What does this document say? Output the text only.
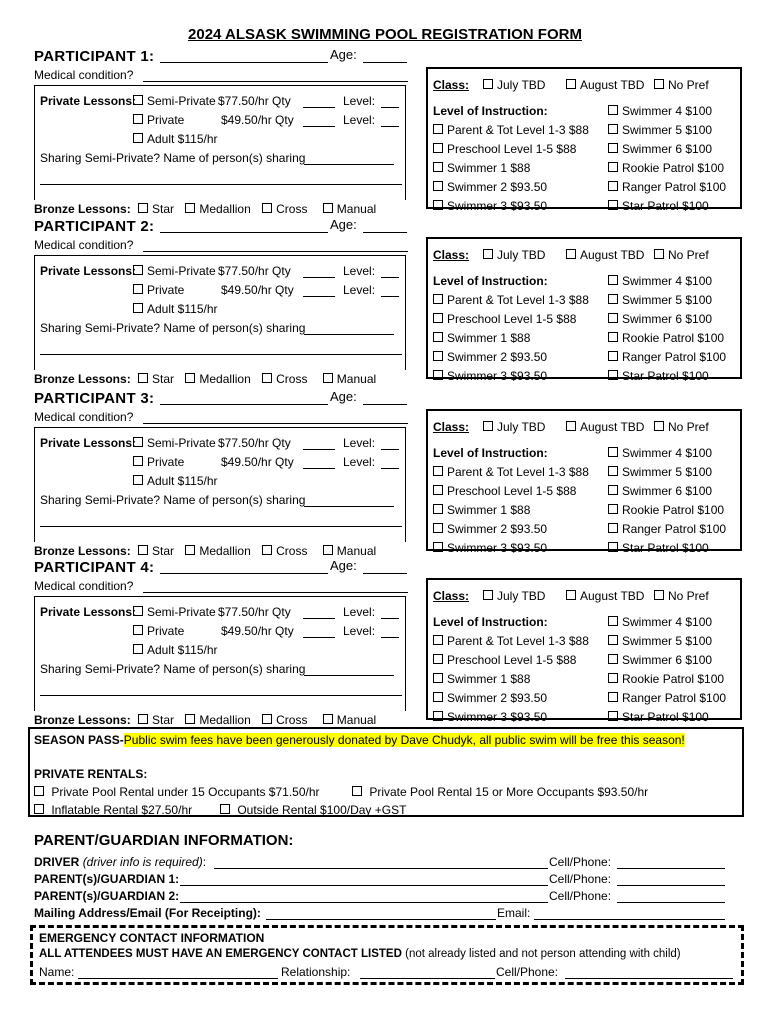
2024 ALSASK SWIMMING POOL REGISTRATION FORM
PARTICIPANT 1:	Age:
Medical condition?
Private Lessons: Semi-Private $77.50/hr Qty	Level:
Private	$49.50/hr Qty	Level:
Adult $115/hr
Sharing Semi-Private? Name of person(s) sharing
Bronze Lessons: Star Medallion Cross Manual
Class:	July TBD	August TBD	No Pref
Level of Instruction:
Parent & Tot Level 1-3 $88
Preschool Level 1-5 $88
Swimmer 1 $88
Swimmer 2 $93.50
Swimmer 3 $93.50
Swimmer 4 $100
Swimmer 5 $100
Swimmer 6 $100
Rookie Patrol $100
Ranger Patrol $100
Star Patrol $100
PARTICIPANT 2:	Age:
Medical condition?
Private Lessons: Semi-Private $77.50/hr Qty	Level:
Private	$49.50/hr Qty	Level:
Adult $115/hr
Sharing Semi-Private? Name of person(s) sharing
Bronze Lessons: Star Medallion Cross Manual
Class:	July TBD	August TBD	No Pref
Level of Instruction:
Parent & Tot Level 1-3 $88
Preschool Level 1-5 $88
Swimmer 1 $88
Swimmer 2 $93.50
Swimmer 3 $93.50
Swimmer 4 $100
Swimmer 5 $100
Swimmer 6 $100
Rookie Patrol $100
Ranger Patrol $100
Star Patrol $100
PARTICIPANT 3:	Age:
Medical condition?
Private Lessons: Semi-Private $77.50/hr Qty	Level:
Private	$49.50/hr Qty	Level:
Adult $115/hr
Sharing Semi-Private? Name of person(s) sharing
Bronze Lessons: Star Medallion Cross Manual
Class:	July TBD	August TBD	No Pref
Level of Instruction:
Parent & Tot Level 1-3 $88
Preschool Level 1-5 $88
Swimmer 1 $88
Swimmer 2 $93.50
Swimmer 3 $93.50
Swimmer 4 $100
Swimmer 5 $100
Swimmer 6 $100
Rookie Patrol $100
Ranger Patrol $100
Star Patrol $100
PARTICIPANT 4:	Age:
Medical condition?
Private Lessons: Semi-Private $77.50/hr Qty	Level:
Private	$49.50/hr Qty	Level:
Adult $115/hr
Sharing Semi-Private? Name of person(s) sharing
Bronze Lessons: Star Medallion Cross Manual
Class:	July TBD	August TBD	No Pref
Level of Instruction:
Parent & Tot Level 1-3 $88
Preschool Level 1-5 $88
Swimmer 1 $88
Swimmer 2 $93.50
Swimmer 3 $93.50
Swimmer 4 $100
Swimmer 5 $100
Swimmer 6 $100
Rookie Patrol $100
Ranger Patrol $100
Star Patrol $100
SEASON PASS-Public swim fees have been generously donated by Dave Chudyk, all public swim will be free this season!
PRIVATE RENTALS:
Private Pool Rental under 15 Occupants $71.50/hr	Private Pool Rental 15 or More Occupants $93.50/hr
Inflatable Rental $27.50/hr	Outside Rental $100/Day +GST
PARENT/GUARDIAN INFORMATION:
DRIVER (driver info is required):	Cell/Phone:
PARENT(s)/GUARDIAN 1:	Cell/Phone:
PARENT(s)/GUARDIAN 2:	Cell/Phone:
Mailing Address/Email (For Receipting):	Email:
EMERGENCY CONTACT INFORMATION
ALL ATTENDEES MUST HAVE AN EMERGENCY CONTACT LISTED (not already listed and not person attending with child)
Name:	Relationship:	Cell/Phone:
